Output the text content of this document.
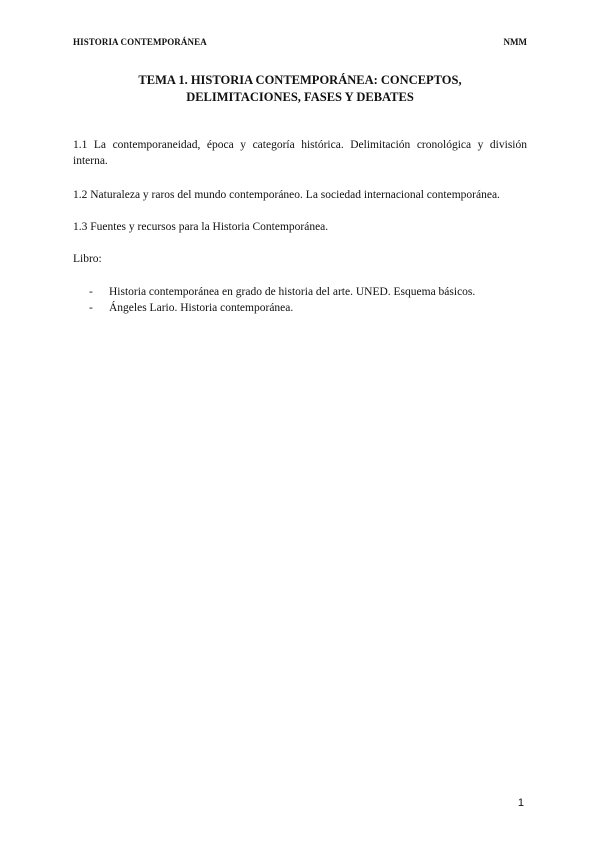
HISTORIA CONTEMPORÁNEA	NMM
TEMA 1. HISTORIA CONTEMPORÁNEA: CONCEPTOS,
DELIMITACIONES, FASES Y DEBATES
1.1 La contemporaneidad, época y categoría histórica. Delimitación cronológica y división interna.
1.2 Naturaleza y raros del mundo contemporáneo. La sociedad internacional contemporánea.
1.3 Fuentes y recursos para la Historia Contemporánea.
Libro:
- Historia contemporánea en grado de historia del arte. UNED. Esquema básicos.
- Ángeles Lario. Historia contemporánea.
1
